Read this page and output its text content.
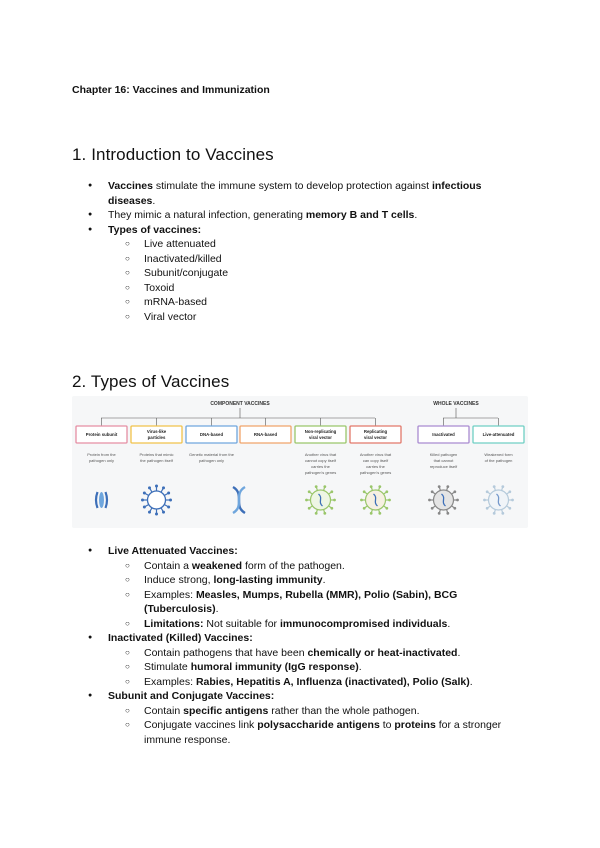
Chapter 16: Vaccines and Immunization
1. Introduction to Vaccines
● Vaccines stimulate the immune system to develop protection against infectious diseases.
● They mimic a natural infection, generating memory B and T cells.
● Types of vaccines:
○ Live attenuated
○ Inactivated/killed
○ Subunit/conjugate
○ Toxoid
○ mRNA-based
○ Viral vector
2. Types of Vaccines
COMPONENT VACCINES	WHOLE VACCINES
Protein subunit
Protein from the
pathogen only
Virus-like
particles
Proteins that mimic
the pathogen itself
DNA-based
Genetic material from the
pathogen only
RNA-based
Non-replicating
viral vector
Another virus that
cannot copy itself
carries the
pathogen's genes
Replicating
viral vector
Another virus that
can copy itself
carries the
pathogen's genes
Inactivated
Killed pathogen
that cannot
reproduce itself
Live-attenuated
Weakened form
of the pathogen
● Live Attenuated Vaccines:
○ Contain a weakened form of the pathogen.
○ Induce strong, long-lasting immunity.
○ Examples: Measles, Mumps, Rubella (MMR), Polio (Sabin), BCG (Tuberculosis).
○ Limitations: Not suitable for immunocompromised individuals.
● Inactivated (Killed) Vaccines:
○ Contain pathogens that have been chemically or heat-inactivated.
○ Stimulate humoral immunity (IgG response).
○ Examples: Rabies, Hepatitis A, Influenza (inactivated), Polio (Salk).
● Subunit and Conjugate Vaccines:
○ Contain specific antigens rather than the whole pathogen.
○ Conjugate vaccines link polysaccharide antigens to proteins for a stronger immune response.
